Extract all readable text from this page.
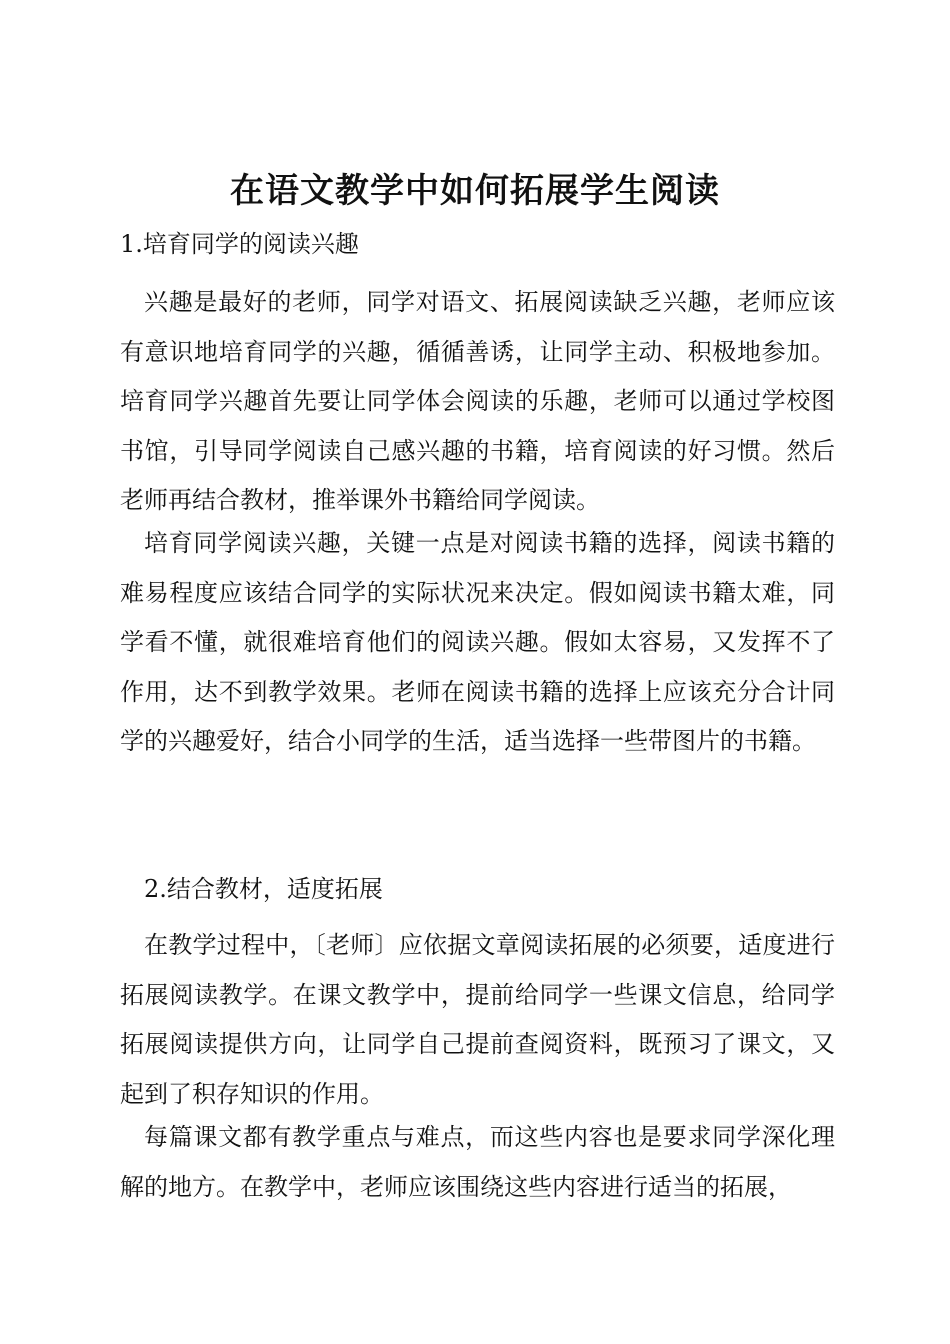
在语文教学中如何拓展学生阅读
1.培育同学的阅读兴趣

兴趣是最好的老师，同学对语文、拓展阅读缺乏兴趣，老师应该有意识地培育同学的兴趣，循循善诱，让同学主动、积极地参加。培育同学兴趣首先要让同学体会阅读的乐趣，老师可以通过学校图书馆，引导同学阅读自己感兴趣的书籍，培育阅读的好习惯。然后老师再结合教材，推举课外书籍给同学阅读。

培育同学阅读兴趣，关键一点是对阅读书籍的选择，阅读书籍的难易程度应该结合同学的实际状况来决定。假如阅读书籍太难，同学看不懂，就很难培育他们的阅读兴趣。假如太容易，又发挥不了作用，达不到教学效果。老师在阅读书籍的选择上应该充分合计同学的兴趣爱好，结合小同学的生活，适当选择一些带图片的书籍。

2.结合教材，适度拓展

在教学过程中，〔老师〕应依据文章阅读拓展的必须要，适度进行拓展阅读教学。在课文教学中，提前给同学一些课文信息，给同学拓展阅读提供方向，让同学自己提前查阅资料，既预习了课文，又起到了积存知识的作用。

每篇课文都有教学重点与难点，而这些内容也是要求同学深化理解的地方。在教学中，老师应该围绕这些内容进行适当的拓展，
